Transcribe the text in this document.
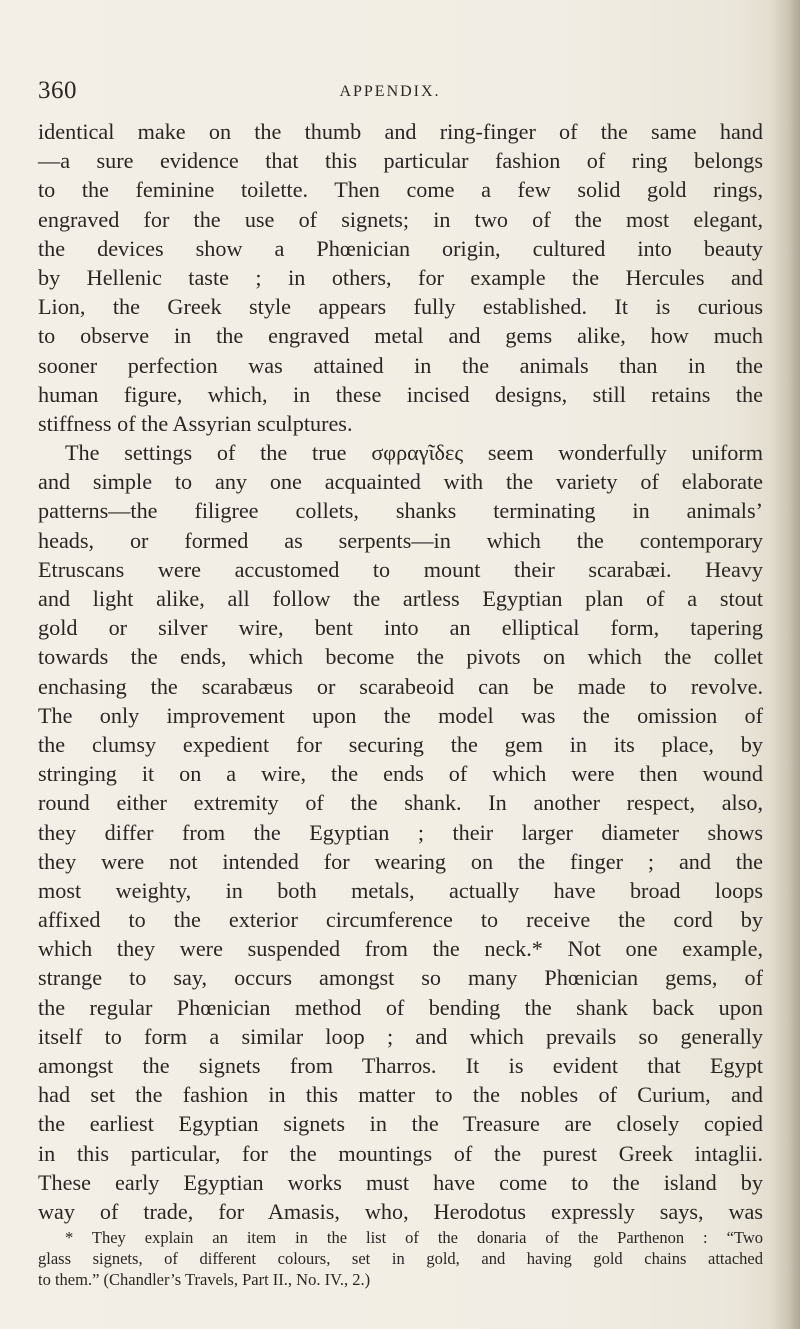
360	APPENDIX.
identical make on the thumb and ring-finger of the same hand
—a sure evidence that this particular fashion of ring belongs
to the feminine toilette. Then come a few solid gold rings,
engraved for the use of signets; in two of the most elegant,
the devices show a Phœnician origin, cultured into beauty
by Hellenic taste ; in others, for example the Hercules and
Lion, the Greek style appears fully established. It is curious
to observe in the engraved metal and gems alike, how much
sooner perfection was attained in the animals than in the
human figure, which, in these incised designs, still retains the
stiffness of the Assyrian sculptures.
The settings of the true σφραγῖδες seem wonderfully uniform
and simple to any one acquainted with the variety of elaborate
patterns—the filigree collets, shanks terminating in animals’
heads, or formed as serpents—in which the contemporary
Etruscans were accustomed to mount their scarabæi. Heavy
and light alike, all follow the artless Egyptian plan of a stout
gold or silver wire, bent into an elliptical form, tapering
towards the ends, which become the pivots on which the collet
enchasing the scarabæus or scarabeoid can be made to revolve.
The only improvement upon the model was the omission of
the clumsy expedient for securing the gem in its place, by
stringing it on a wire, the ends of which were then wound
round either extremity of the shank. In another respect, also,
they differ from the Egyptian ; their larger diameter shows
they were not intended for wearing on the finger ; and the
most weighty, in both metals, actually have broad loops
affixed to the exterior circumference to receive the cord by
which they were suspended from the neck.* Not one example,
strange to say, occurs amongst so many Phœnician gems, of
the regular Phœnician method of bending the shank back upon
itself to form a similar loop ; and which prevails so generally
amongst the signets from Tharros. It is evident that Egypt
had set the fashion in this matter to the nobles of Curium, and
the earliest Egyptian signets in the Treasure are closely copied
in this particular, for the mountings of the purest Greek intaglii.
These early Egyptian works must have come to the island by
way of trade, for Amasis, who, Herodotus expressly says, was
* They explain an item in the list of the donaria of the Parthenon : “Two
glass signets, of different colours, set in gold, and having gold chains attached
to them.” (Chandler’s Travels, Part II., No. IV., 2.)
